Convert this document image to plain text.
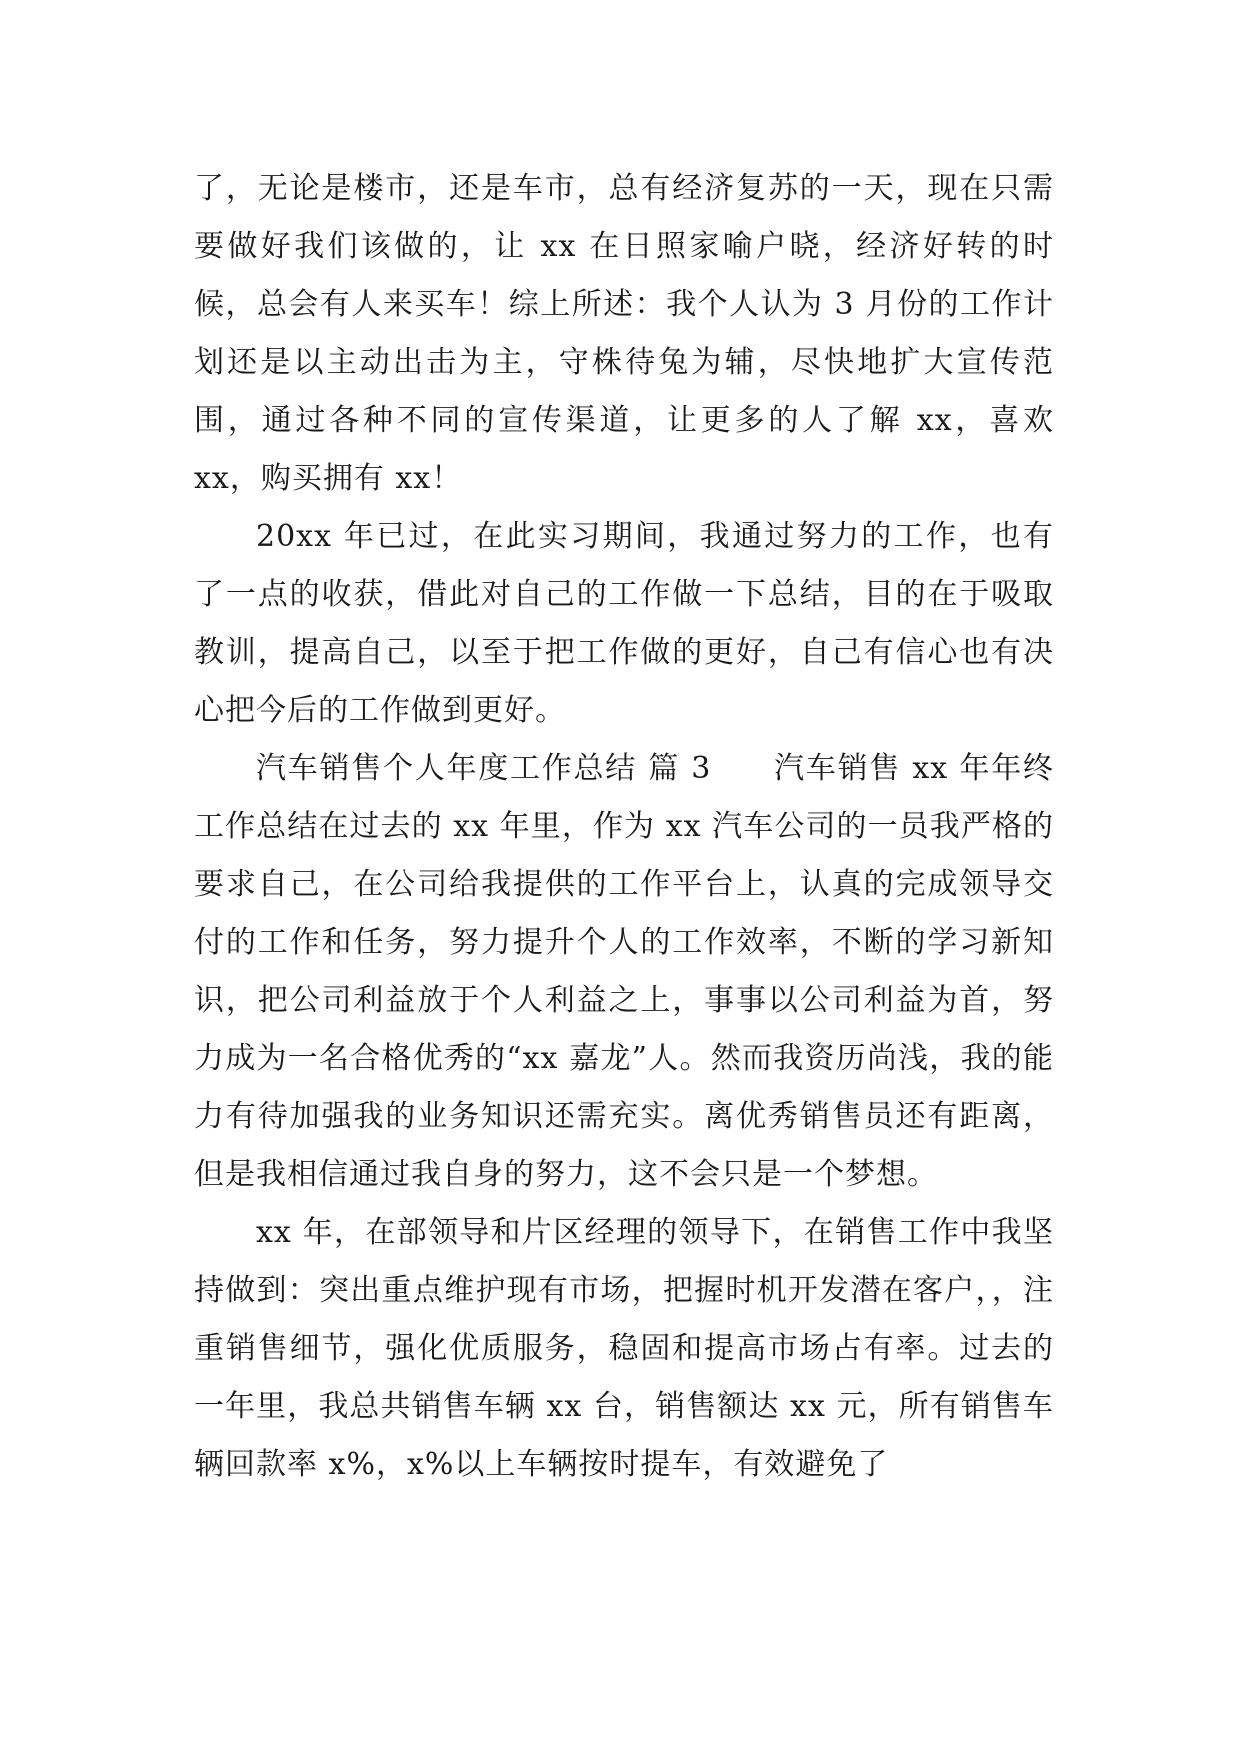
了，无论是楼市，还是车市，总有经济复苏的一天，现在只需要做好我们该做的，让 xx 在日照家喻户晓，经济好转的时候，总会有人来买车！综上所述：我个人认为 3 月份的工作计划还是以主动出击为主，守株待兔为辅，尽快地扩大宣传范围，通过各种不同的宣传渠道，让更多的人了解 xx，喜欢 xx，购买拥有 xx！

20xx 年已过，在此实习期间，我通过努力的工作，也有了一点的收获，借此对自己的工作做一下总结，目的在于吸取教训，提高自己，以至于把工作做的更好，自己有信心也有决心把今后的工作做到更好。

汽车销售个人年度工作总结 篇 3 汽车销售 xx 年年终工作总结在过去的 xx 年里，作为 xx 汽车公司的一员我严格的要求自己，在公司给我提供的工作平台上，认真的完成领导交付的工作和任务，努力提升个人的工作效率，不断的学习新知识，把公司利益放于个人利益之上，事事以公司利益为首，努力成为一名合格优秀的“xx 嘉龙”人。然而我资历尚浅，我的能力有待加强我的业务知识还需充实。离优秀销售员还有距离，但是我相信通过我自身的努力，这不会只是一个梦想。

xx 年，在部领导和片区经理的领导下，在销售工作中我坚持做到：突出重点维护现有市场，把握时机开发潜在客户，，注重销售细节，强化优质服务，稳固和提高市场占有率。过去的一年里，我总共销售车辆 xx 台，销售额达 xx 元，所有销售车辆回款率 x%，x%以上车辆按时提车，有效避免了
